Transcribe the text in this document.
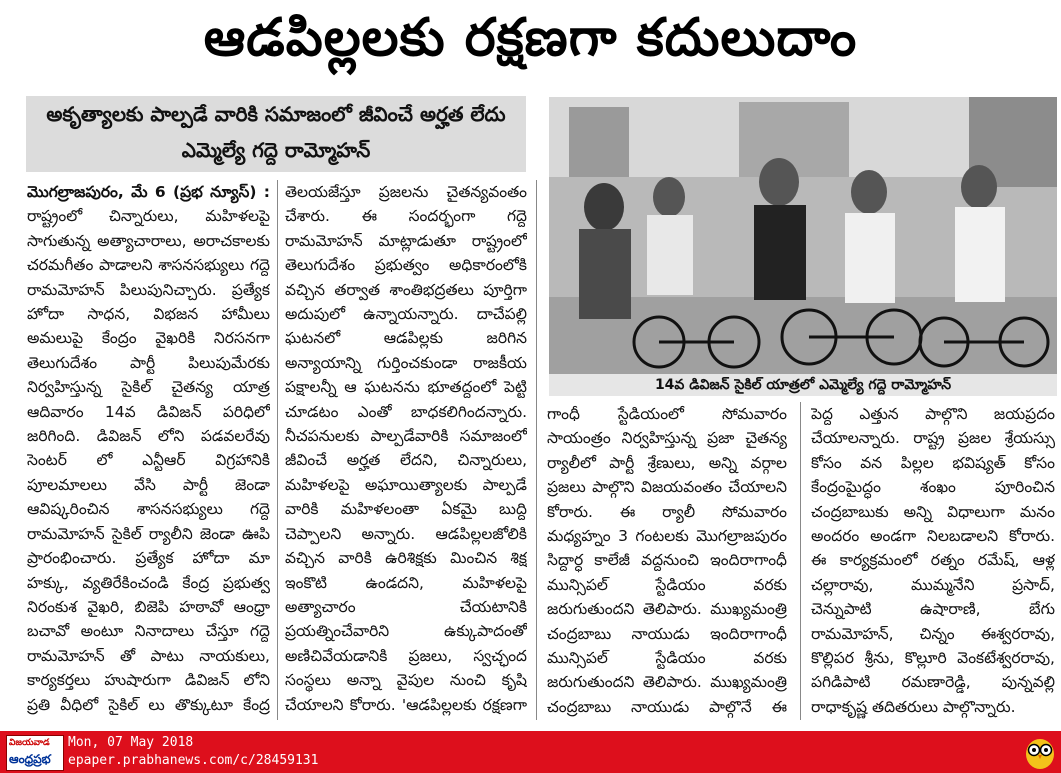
ఆడపిల్లలకు రక్షణగా కదులుదాం
అకృత్యాలకు పాల్పడే వారికి సమాజంలో జీవించే అర్హత లేదు
ఎమ్మెల్యే గద్దె రామ్మోహన్

మొగల్రాజపురం, మే 6 (ప్రభ న్యూస్) : రాష్ట్రంలో చిన్నారులు, మహిళలపై సాగుతున్న అత్యాచారాలు, అరాచకాలకు చరమగీతం పాడాలని శాసనసభ్యులు గద్దె రామమోహన్ పిలుపునిచ్చారు. ప్రత్యేక హోదా సాధన, విభజన హామీలు అమలుపై కేంద్రం వైఖరికి నిరసనగా తెలుగుదేశం పార్టీ పిలుపుమేరకు నిర్వహిస్తున్న సైకిల్ చైతన్య యాత్ర ఆదివారం 14వ డివిజన్ పరిధిలో జరిగింది. డివిజన్ లోని పడవలరేవు సెంటర్ లో ఎన్టీఆర్ విగ్రహానికి పూలమాలలు వేసి పార్టీ జెండా ఆవిష్కరించిన శాసనసభ్యులు గద్దె రామమోహన్ సైకిల్ ర్యాలీని జెండా ఊపి ప్రారంభించారు. ప్రత్యేక హోదా మా హక్కు, వ్యతిరేకించండి కేంద్ర ప్రభుత్వ నిరంకుశ వైఖరి, బిజెపి హఠావో ఆంధ్రా బచావో అంటూ నినాదాలు చేస్తూ గద్దె రామమోహన్ తో పాటు నాయకులు, కార్యకర్తలు హుషారుగా డివిజన్ లోని ప్రతి వీధిలో సైకిల్ లు తొక్కుటూ కేంద్ర

తెలయజేస్తూ ప్రజలను చైతన్యవంతం చేశారు. ఈ సందర్భంగా గద్దె రామమోహన్ మాట్లాడుతూ రాష్ట్రంలో తెలుగుదేశం ప్రభుత్వం అధికారంలోకి వచ్చిన తర్వాత శాంతిభద్రతలు పూర్తిగా అదుపులో ఉన్నాయన్నారు. దాచేపల్లి ఘటనలో ఆడపిల్లకు జరిగిన అన్యాయాన్ని గుర్తించకుండా రాజకీయ పక్షాలన్నీ ఆ ఘటనను భూతద్దంలో పెట్టి చూడటం ఎంతో బాధకలిగిందన్నారు. నీచపనులకు పాల్పడేవారికి సమాజంలో జీవించే అర్హత లేదని, చిన్నారులు, మహిళలపై అఘాయిత్యాలకు పాల్పడే వారికి మహిళలంతా ఏకమై బుద్ది చెప్పాలని అన్నారు. ఆడపిల్లలజోలికి వచ్చిన వారికి ఉరిశిక్షకు మించిన శిక్ష ఇంకొటి ఉండదని, మహిళలపై అత్యాచారం చేయటానికి ప్రయత్నించేవారిని ఉక్కుపాదంతో అణిచివేయడానికి ప్రజలు, స్వచ్ఛంద సంస్థలు అన్నా వైపుల నుంచి కృషి చేయాలని కోరారు. 'ఆడపిల్లలకు రక్షణగా

14వ డివిజన్ సైకిల్ యాత్రలో ఎమ్మెల్యే గద్దె రామ్మోహన్

గాంధీ స్టేడియంలో సోమవారం సాయంత్రం నిర్వహిస్తున్న ప్రజా చైతన్య ర్యాలీలో పార్టీ శ్రేణులు, అన్ని వర్గాల ప్రజలు పాల్గొని విజయవంతం చేయాలని కోరారు. ఈ ర్యాలీ సోమవారం మధ్యహ్నం 3 గంటలకు మొగల్రాజపురం సిద్దార్ధ కాలేజీ వద్దనుంచి ఇందిరాగాంధీ మున్సిపల్ స్టేడియం వరకు జరుగుతుందని తెలిపారు. ముఖ్యమంత్రి చంద్రబాబు నాయుడు ఇందిరాగాంధీ మున్సిపల్ స్టేడియం వరకు జరుగుతుందని తెలిపారు. ముఖ్యమంత్రి చంద్రబాబు నాయుడు పాల్గొనే ఈ

పెద్ద ఎత్తున పాల్గొని జయప్రదం చేయాలన్నారు. రాష్ట్ర ప్రజల శ్రేయస్సు కోసం వన పిల్లల భవిష్యత్ కోసం కేంద్రంపైుద్ధం శంఖం పూరించిన చంద్రబాబుకు అన్ని విధాలుగా మనం అందరం అండగా నిలబడాలని కోరారు. ఈ కార్యక్రమంలో రత్నం రమేష్, ఆళ్ల చల్లారావు, ముమ్మనేని ప్రసాద్, చెన్నుపాటి ఉషారాణి, బేగు రామమోహన్, చిన్నం ఈశ్వరరావు, కొల్లిపర శ్రీను, కొల్లూరి వెంకటేశ్వరరావు, పగిడిపాటి రమణారెడ్డి, పున్నవల్లి రాధాకృష్ణ తదితరులు పాల్గొన్నారు.

విజయవాడ
ఆంధ్రప్రభ
Mon, 07 May 2018
epaper.prabhanews.com/c/28459131
